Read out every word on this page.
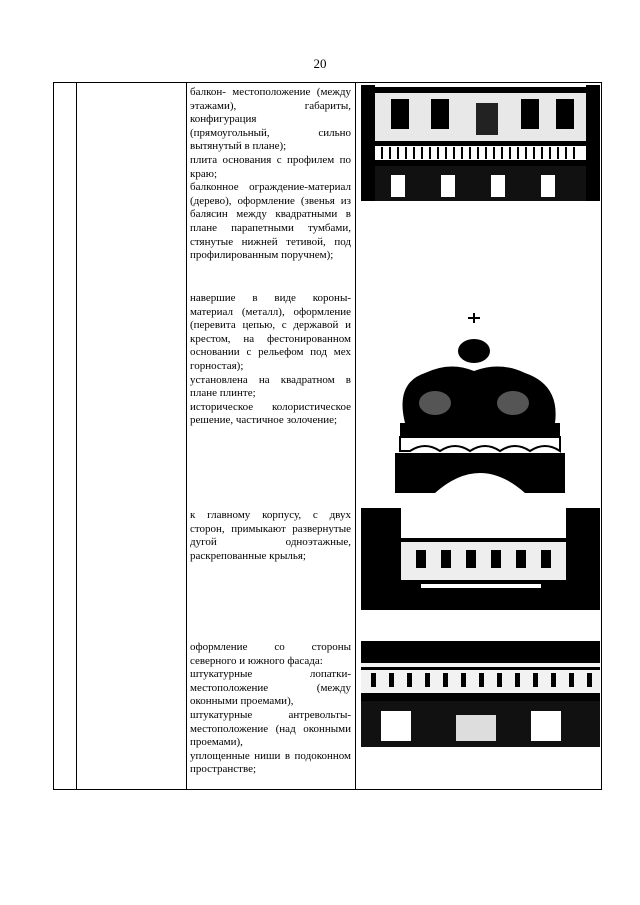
20

балкон- местоположение (между этажами), габариты, конфигурация

(прямоугольный, сильно вытянутый в плане);

плита основания с профилем по краю;

балконное ограждение-материал (дерево), оформление (звенья из балясин между квадратными в плане парапетными тумбами, стянутые нижней тетивой, под профилированным поручнем);

навершие в виде короны-материал (металл), оформление (перевита цепью, с державой и крестом, на фестонированном основании с рельефом под мех горностая);

установлена на квадратном в плане плинте;

историческое колористическое решение, частичное золочение;

к главному корпусу, с двух сторон, примыкают развернутые дугой одноэтажные, раскрепованные крылья;

оформление со стороны северного и южного фасада:

штукатурные лопатки-местоположение (между оконными проемами),

штукатурные антревольты-местоположение (над оконными проемами),

уплощенные ниши в подоконном пространстве;
